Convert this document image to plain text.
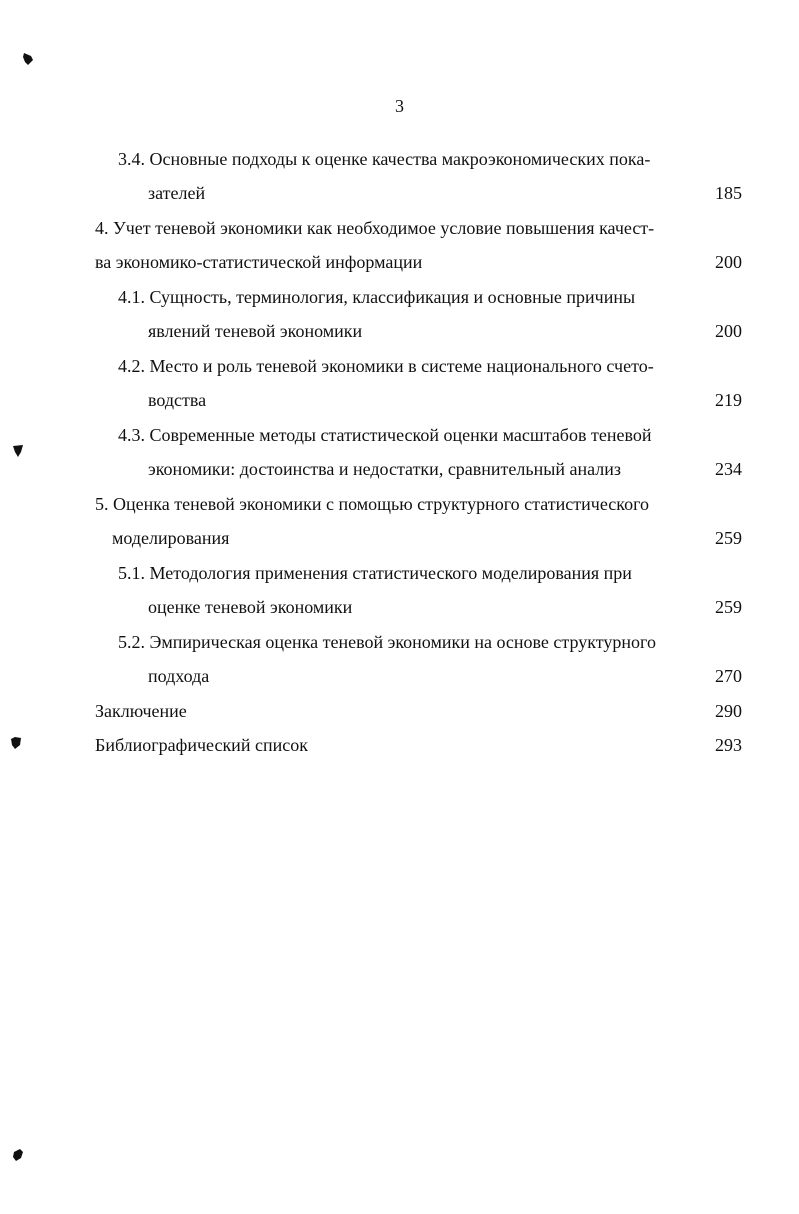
3
3.4. Основные подходы к оценке качества макроэкономических пока-
зателей	185
4. Учет теневой экономики как необходимое условие повышения качест-
ва экономико-статистической информации	200
4.1. Сущность, терминология, классификация и основные причины
явлений теневой экономики	200
4.2. Место и роль теневой экономики в системе национального счето-
водства	219
4.3. Современные методы статистической оценки масштабов теневой
экономики: достоинства и недостатки, сравнительный анализ	234
5. Оценка теневой экономики с помощью структурного статистического
моделирования	259
5.1. Методология применения статистического моделирования при
оценке теневой экономики	259
5.2. Эмпирическая оценка теневой экономики на основе структурного
подхода	270
Заключение	290
Библиографический список	293
